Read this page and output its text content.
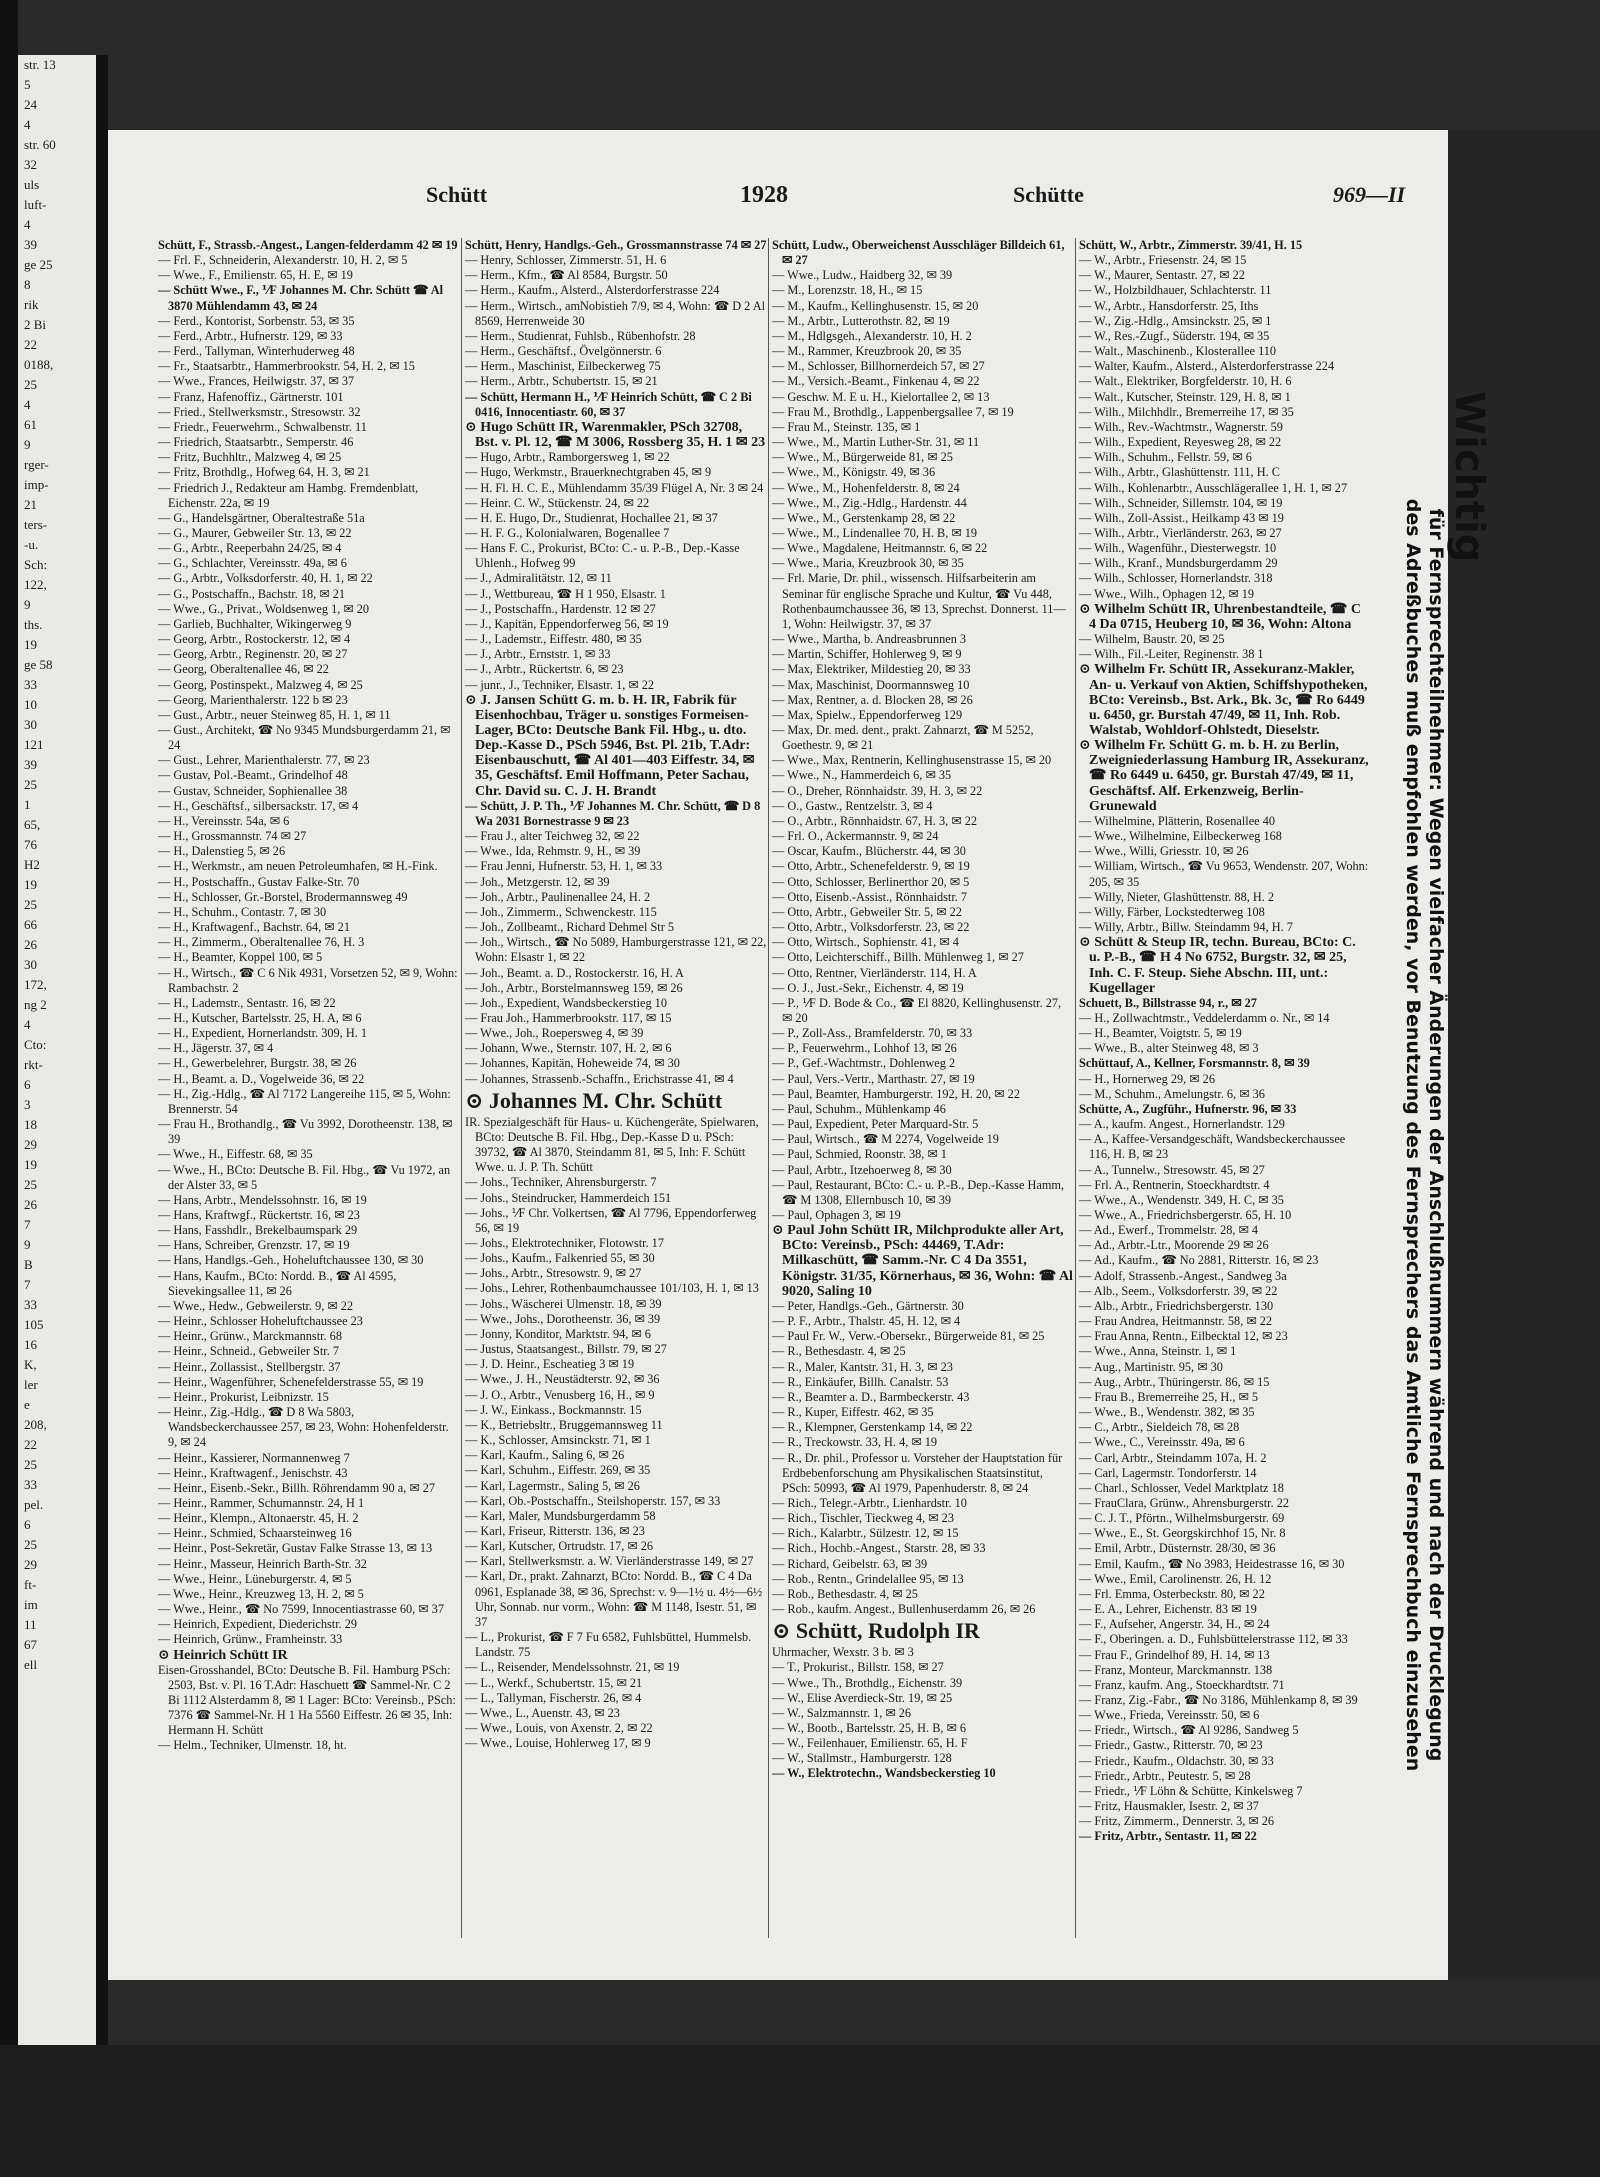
str. 13
5
24
4
str. 60
32
uls
luft-
4
39
ge 25
8
rik
2 Bi
22
0188,
25
4
61
9
rger-
imp-
21
ters-
-u.
Sch:
122,
9
ths.
19
ge 58
33
10
30
121
39
25
1
65,
76
H2
19
25
66
26
30
172,
ng 2
4
Cto:
rkt-
6
3
18
29
19
25
26
7
9
B
7
33
105
16
K,
ler
e
208,
22
25
33
pel.
6
25
29
ft-
im
11
67
ell
Schütt	1928	Schütte	969—II

Schütt, F., Strassb.-Angest., Langen-felderdamm 42 ✉ 19

— Frl. F., Schneiderin, Alexanderstr. 10, H. 2, ✉ 5

— Wwe., F., Emilienstr. 65, H. E, ✉ 19

— Schütt Wwe., F., ⅟F Johannes M. Chr. Schütt ☎ Al 3870 Mühlendamm 43, ✉ 24

— Ferd., Kontorist, Sorbenstr. 53, ✉ 35

— Ferd., Arbtr., Hufnerstr. 129, ✉ 33

— Ferd., Tallyman, Winterhuderweg 48

— Fr., Staatsarbtr., Hammerbrookstr. 54, H. 2, ✉ 15

— Wwe., Frances, Heilwigstr. 37, ✉ 37

— Franz, Hafenoffiz., Gärtnerstr. 101

— Fried., Stellwerksmstr., Stresowstr. 32

— Friedr., Feuerwehrm., Schwalbenstr. 11

— Friedrich, Staatsarbtr., Semperstr. 46

— Fritz, Buchhltr., Malzweg 4, ✉ 25

— Fritz, Brothdlg., Hofweg 64, H. 3, ✉ 21

— Friedrich J., Redakteur am Hambg. Fremdenblatt, Eichenstr. 22a, ✉ 19

— G., Handelsgärtner, Oberaltestraße 51a

— G., Maurer, Gebweiler Str. 13, ✉ 22

— G., Arbtr., Reeperbahn 24/25, ✉ 4

— G., Schlachter, Vereinsstr. 49a, ✉ 6

— G., Arbtr., Volksdorferstr. 40, H. 1, ✉ 22

— G., Postschaffn., Bachstr. 18, ✉ 21

— Wwe., G., Privat., Woldsenweg 1, ✉ 20

— Garlieb, Buchhalter, Wikingerweg 9

— Georg, Arbtr., Rostockerstr. 12, ✉ 4

— Georg, Arbtr., Reginenstr. 20, ✉ 27

— Georg, Oberaltenallee 46, ✉ 22

— Georg, Postinspekt., Malzweg 4, ✉ 25

— Georg, Marienthalerstr. 122 b ✉ 23

— Gust., Arbtr., neuer Steinweg 85, H. 1, ✉ 11

— Gust., Architekt, ☎ No 9345 Mundsburgerdamm 21, ✉ 24

— Gust., Lehrer, Marienthalerstr. 77, ✉ 23

— Gustav, Pol.-Beamt., Grindelhof 48

— Gustav, Schneider, Sophienallee 38

— H., Geschäftsf., silbersackstr. 17, ✉ 4

— H., Vereinsstr. 54a, ✉ 6

— H., Grossmannstr. 74 ✉ 27

— H., Dalenstieg 5, ✉ 26

— H., Werkmstr., am neuen Petroleumhafen, ✉ H.-Fink.

— H., Postschaffn., Gustav Falke-Str. 70

— H., Schlosser, Gr.-Borstel, Brodermannsweg 49

— H., Schuhm., Contastr. 7, ✉ 30

— H., Kraftwagenf., Bachstr. 64, ✉ 21

— H., Zimmerm., Oberaltenallee 76, H. 3

— H., Beamter, Koppel 100, ✉ 5

— H., Wirtsch., ☎ C 6 Nik 4931, Vorsetzen 52, ✉ 9, Wohn: Rambachstr. 2

— H., Lademstr., Sentastr. 16, ✉ 22

— H., Kutscher, Bartelsstr. 25, H. A, ✉ 6

— H., Expedient, Hornerlandstr. 309, H. 1

— H., Jägerstr. 37, ✉ 4

— H., Gewerbelehrer, Burgstr. 38, ✉ 26

— H., Beamt. a. D., Vogelweide 36, ✉ 22

— H., Zig.-Hdlg., ☎ Al 7172 Langereihe 115, ✉ 5, Wohn: Brennerstr. 54

— Frau H., Brothandlg., ☎ Vu 3992, Dorotheenstr. 138, ✉ 39

— Wwe., H., Eiffestr. 68, ✉ 35

— Wwe., H., BCto: Deutsche B. Fil. Hbg., ☎ Vu 1972, an der Alster 33, ✉ 5

— Hans, Arbtr., Mendelssohnstr. 16, ✉ 19

— Hans, Kraftwgf., Rückertstr. 16, ✉ 23

— Hans, Fasshdlr., Brekelbaumspark 29

— Hans, Schreiber, Grenzstr. 17, ✉ 19

— Hans, Handlgs.-Geh., Hoheluftchaussee 130, ✉ 30

— Hans, Kaufm., BCto: Nordd. B., ☎ Al 4595, Sievekingsallee 11, ✉ 26

— Wwe., Hedw., Gebweilerstr. 9, ✉ 22

— Heinr., Schlosser Hoheluftchaussee 23

— Heinr., Grünw., Marckmannstr. 68

— Heinr., Schneid., Gebweiler Str. 7

— Heinr., Zollassist., Stellbergstr. 37

— Heinr., Wagenführer, Schenefelderstrasse 55, ✉ 19

— Heinr., Prokurist, Leibnizstr. 15

— Heinr., Zig.-Hdlg., ☎ D 8 Wa 5803, Wandsbeckerchaussee 257, ✉ 23, Wohn: Hohenfelderstr. 9, ✉ 24

— Heinr., Kassierer, Normannenweg 7

— Heinr., Kraftwagenf., Jenischstr. 43

— Heinr., Eisenb.-Sekr., Billh. Röhrendamm 90 a, ✉ 27

— Heinr., Rammer, Schumannstr. 24, H 1

— Heinr., Klempn., Altonaerstr. 45, H. 2

— Heinr., Schmied, Schaarsteinweg 16

— Heinr., Post-Sekretär, Gustav Falke Strasse 13, ✉ 13

— Heinr., Masseur, Heinrich Barth-Str. 32

— Wwe., Heinr., Lüneburgerstr. 4, ✉ 5

— Wwe., Heinr., Kreuzweg 13, H. 2, ✉ 5

— Wwe., Heinr., ☎ No 7599, Innocentiastrasse 60, ✉ 37

— Heinrich, Expedient, Diederichstr. 29

— Heinrich, Grünw., Framheinstr. 33

⊙ Heinrich Schütt IR

Eisen-Grosshandel, BCto: Deutsche B. Fil. Hamburg PSch: 2503, Bst. v. Pl. 16 T.Adr: Haschuett ☎ Sammel-Nr. C 2 Bi 1112 Alsterdamm 8, ✉ 1 Lager: BCto: Vereinsb., PSch: 7376 ☎ Sammel-Nr. H 1 Ha 5560 Eiffestr. 26 ✉ 35, Inh: Hermann H. Schütt

— Helm., Techniker, Ulmenstr. 18, ht.

Schütt, Henry, Handlgs.-Geh., Grossmannstrasse 74 ✉ 27

— Henry, Schlosser, Zimmerstr. 51, H. 6

— Herm., Kfm., ☎ Al 8584, Burgstr. 50

— Herm., Kaufm., Alsterd., Alsterdorferstrasse 224

— Herm., Wirtsch., amNobistieh 7/9, ✉ 4, Wohn: ☎ D 2 Al 8569, Herrenweide 30

— Herm., Studienrat, Fuhlsb., Rübenhofstr. 28

— Herm., Geschäftsf., Övelgönnerstr. 6

— Herm., Maschinist, Eilbeckerweg 75

— Herm., Arbtr., Schubertstr. 15, ✉ 21

— Schütt, Hermann H., ⅟F Heinrich Schütt, ☎ C 2 Bi 0416, Innocentiastr. 60, ✉ 37

⊙ Hugo Schütt IR, Warenmakler, PSch 32708, Bst. v. Pl. 12, ☎ M 3006, Rossberg 35, H. 1 ✉ 23

— Hugo, Arbtr., Ramborgersweg 1, ✉ 22

— Hugo, Werkmstr., Brauerknechtgraben 45, ✉ 9

— H. Fl. H. C. E., Mühlendamm 35/39 Flügel A, Nr. 3 ✉ 24

— Heinr. C. W., Stückenstr. 24, ✉ 22

— H. E. Hugo, Dr., Studienrat, Hochallee 21, ✉ 37

— H. F. G., Kolonialwaren, Bogenallee 7

— Hans F. C., Prokurist, BCto: C.- u. P.-B., Dep.-Kasse Uhlenh., Hofweg 99

— J., Admiralitätstr. 12, ✉ 11

— J., Wettbureau, ☎ H 1 950, Elsastr. 1

— J., Postschaffn., Hardenstr. 12 ✉ 27

— J., Kapitän, Eppendorferweg 56, ✉ 19

— J., Lademstr., Eiffestr. 480, ✉ 35

— J., Arbtr., Ernststr. 1, ✉ 33

— J., Arbtr., Rückertstr. 6, ✉ 23

— junr., J., Techniker, Elsastr. 1, ✉ 22

⊙ J. Jansen Schütt G. m. b. H. IR, Fabrik für Eisenhochbau, Träger u. sonstiges Formeisen-Lager, BCto: Deutsche Bank Fil. Hbg., u. dto. Dep.-Kasse D., PSch 5946, Bst. Pl. 21b, T.Adr: Eisenbauschutt, ☎ Al 401—403 Eiffestr. 34, ✉ 35, Geschäftsf. Emil Hoffmann, Peter Sachau, Chr. David su. C. J. H. Brandt

— Schütt, J. P. Th., ⅟F Johannes M. Chr. Schütt, ☎ D 8 Wa 2031 Bornestrasse 9 ✉ 23

— Frau J., alter Teichweg 32, ✉ 22

— Wwe., Ida, Rehmstr. 9, H., ✉ 39

— Frau Jenni, Hufnerstr. 53, H. 1, ✉ 33

— Joh., Metzgerstr. 12, ✉ 39

— Joh., Arbtr., Paulinenallee 24, H. 2

— Joh., Zimmerm., Schwenckestr. 115

— Joh., Zollbeamt., Richard Dehmel Str 5

— Joh., Wirtsch., ☎ No 5089, Hamburgerstrasse 121, ✉ 22, Wohn: Elsastr 1, ✉ 22

— Joh., Beamt. a. D., Rostockerstr. 16, H. A

— Joh., Arbtr., Borstelmannsweg 159, ✉ 26

— Joh., Expedient, Wandsbeckerstieg 10

— Frau Joh., Hammerbrookstr. 117, ✉ 15

— Wwe., Joh., Roepersweg 4, ✉ 39

— Johann, Wwe., Sternstr. 107, H. 2, ✉ 6

— Johannes, Kapitän, Hoheweide 74, ✉ 30

— Johannes, Strassenb.-Schaffn., Erichstrasse 41, ✉ 4

⊙ Johannes M. Chr. Schütt

IR. Spezialgeschäft für Haus- u. Küchengeräte, Spielwaren, BCto: Deutsche B. Fil. Hbg., Dep.-Kasse D u. PSch: 39732, ☎ Al 3870, Steindamm 81, ✉ 5, Inh: F. Schütt Wwe. u. J. P. Th. Schütt

— Johs., Techniker, Ahrensburgerstr. 7

— Johs., Steindrucker, Hammerdeich 151

— Johs., ⅟F Chr. Volkertsen, ☎ Al 7796, Eppendorferweg 56, ✉ 19

— Johs., Elektrotechniker, Flotowstr. 17

— Johs., Kaufm., Falkenried 55, ✉ 30

— Johs., Arbtr., Stresowstr. 9, ✉ 27

— Johs., Lehrer, Rothenbaumchaussee 101/103, H. 1, ✉ 13

— Johs., Wäscherei Ulmenstr. 18, ✉ 39

— Wwe., Johs., Dorotheenstr. 36, ✉ 39

— Jonny, Konditor, Marktstr. 94, ✉ 6

— Justus, Staatsangest., Billstr. 79, ✉ 27

— J. D. Heinr., Escheatieg 3 ✉ 19

— Wwe., J. H., Neustädterstr. 92, ✉ 36

— J. O., Arbtr., Venusberg 16, H., ✉ 9

— J. W., Einkass., Bockmannstr. 15

— K., Betriebsltr., Bruggemannsweg 11

— K., Schlosser, Amsinckstr. 71, ✉ 1

— Karl, Kaufm., Saling 6, ✉ 26

— Karl, Schuhm., Eiffestr. 269, ✉ 35

— Karl, Lagermstr., Saling 5, ✉ 26

— Karl, Ob.-Postschaffn., Steilshoperstr. 157, ✉ 33

— Karl, Maler, Mundsburgerdamm 58

— Karl, Friseur, Ritterstr. 136, ✉ 23

— Karl, Kutscher, Ortrudstr. 17, ✉ 26

— Karl, Stellwerksmstr. a. W. Vierländerstrasse 149, ✉ 27

— Karl, Dr., prakt. Zahnarzt, BCto: Nordd. B., ☎ C 4 Da 0961, Esplanade 38, ✉ 36, Sprechst: v. 9—1½ u. 4½—6½ Uhr, Sonnab. nur vorm., Wohn: ☎ M 1148, Isestr. 51, ✉ 37

— L., Prokurist, ☎ F 7 Fu 6582, Fuhlsbüttel, Hummelsb. Landstr. 75

— L., Reisender, Mendelssohnstr. 21, ✉ 19

— L., Werkf., Schubertstr. 15, ✉ 21

— L., Tallyman, Fischerstr. 26, ✉ 4

— Wwe., L., Auenstr. 43, ✉ 23

— Wwe., Louis, von Axenstr. 2, ✉ 22

— Wwe., Louise, Hohlerweg 17, ✉ 9

Schütt, Ludw., Oberweichenst Ausschläger Billdeich 61, ✉ 27

— Wwe., Ludw., Haidberg 32, ✉ 39

— M., Lorenzstr. 18, H., ✉ 15

— M., Kaufm., Kellinghusenstr. 15, ✉ 20

— M., Arbtr., Lutterothstr. 82, ✉ 19

— M., Hdlgsgeh., Alexanderstr. 10, H. 2

— M., Rammer, Kreuzbrook 20, ✉ 35

— M., Schlosser, Billhornerdeich 57, ✉ 27

— M., Versich.-Beamt., Finkenau 4, ✉ 22

— Geschw. M. E u. H., Kielortallee 2, ✉ 13

— Frau M., Brothdlg., Lappenbergsallee 7, ✉ 19

— Frau M., Steinstr. 135, ✉ 1

— Wwe., M., Martin Luther-Str. 31, ✉ 11

— Wwe., M., Bürgerweide 81, ✉ 25

— Wwe., M., Königstr. 49, ✉ 36

— Wwe., M., Hohenfelderstr. 8, ✉ 24

— Wwe., M., Zig.-Hdlg., Hardenstr. 44

— Wwe., M., Gerstenkamp 28, ✉ 22

— Wwe., M., Lindenallee 70, H. B, ✉ 19

— Wwe., Magdalene, Heitmannstr. 6, ✉ 22

— Wwe., Maria, Kreuzbrook 30, ✉ 35

— Frl. Marie, Dr. phil., wissensch. Hilfsarbeiterin am Seminar für englische Sprache und Kultur, ☎ Vu 448, Rothenbaumchaussee 36, ✉ 13, Sprechst. Donnerst. 11—1, Wohn: Heilwigstr. 37, ✉ 37

— Wwe., Martha, b. Andreasbrunnen 3

— Martin, Schiffer, Hohlerweg 9, ✉ 9

— Max, Elektriker, Mildestieg 20, ✉ 33

— Max, Maschinist, Doormannsweg 10

— Max, Rentner, a. d. Blocken 28, ✉ 26

— Max, Spielw., Eppendorferweg 129

— Max, Dr. med. dent., prakt. Zahnarzt, ☎ M 5252, Goethestr. 9, ✉ 21

— Wwe., Max, Rentnerin, Kellinghusenstrasse 15, ✉ 20

— Wwe., N., Hammerdeich 6, ✉ 35

— O., Dreher, Rönnhaidstr. 39, H. 3, ✉ 22

— O., Gastw., Rentzelstr. 3, ✉ 4

— O., Arbtr., Rönnhaidstr. 67, H. 3, ✉ 22

— Frl. O., Ackermannstr. 9, ✉ 24

— Oscar, Kaufm., Blücherstr. 44, ✉ 30

— Otto, Arbtr., Schenefelderstr. 9, ✉ 19

— Otto, Schlosser, Berlinerthor 20, ✉ 5

— Otto, Eisenb.-Assist., Rönnhaidstr. 7

— Otto, Arbtr., Gebweiler Str. 5, ✉ 22

— Otto, Arbtr., Volksdorferstr. 23, ✉ 22

— Otto, Wirtsch., Sophienstr. 41, ✉ 4

— Otto, Leichterschiff., Billh. Mühlenweg 1, ✉ 27

— Otto, Rentner, Vierländerstr. 114, H. A

— O. J., Just.-Sekr., Eichenstr. 4, ✉ 19

— P., ⅟F D. Bode & Co., ☎ El 8820, Kellinghusenstr. 27, ✉ 20

— P., Zoll-Ass., Bramfelderstr. 70, ✉ 33

— P., Feuerwehrm., Lohhof 13, ✉ 26

— P., Gef.-Wachtmstr., Dohlenweg 2

— Paul, Vers.-Vertr., Marthastr. 27, ✉ 19

— Paul, Beamter, Hamburgerstr. 192, H. 20, ✉ 22

— Paul, Schuhm., Mühlenkamp 46

— Paul, Expedient, Peter Marquard-Str. 5

— Paul, Wirtsch., ☎ M 2274, Vogelweide 19

— Paul, Schmied, Roonstr. 38, ✉ 1

— Paul, Arbtr., Itzehoerweg 8, ✉ 30

— Paul, Restaurant, BCto: C.- u. P.-B., Dep.-Kasse Hamm, ☎ M 1308, Ellernbusch 10, ✉ 39

— Paul, Ophagen 3, ✉ 19

⊙ Paul John Schütt IR, Milchprodukte aller Art, BCto: Vereinsb., PSch: 44469, T.Adr: Milkaschütt, ☎ Samm.-Nr. C 4 Da 3551, Königstr. 31/35, Körnerhaus, ✉ 36, Wohn: ☎ Al 9020, Saling 10

— Peter, Handlgs.-Geh., Gärtnerstr. 30

— P. F., Arbtr., Thalstr. 45, H. 12, ✉ 4

— Paul Fr. W., Verw.-Obersekr., Bürgerweide 81, ✉ 25

— R., Bethesdastr. 4, ✉ 25

— R., Maler, Kantstr. 31, H. 3, ✉ 23

— R., Einkäufer, Billh. Canalstr. 53

— R., Beamter a. D., Barmbeckerstr. 43

— R., Kuper, Eiffestr. 462, ✉ 35

— R., Klempner, Gerstenkamp 14, ✉ 22

— R., Treckowstr. 33, H. 4, ✉ 19

— R., Dr. phil., Professor u. Vorsteher der Hauptstation für Erdbebenforschung am Physikalischen Staatsinstitut, PSch: 50993, ☎ Al 1979, Papenhuderstr. 8, ✉ 24

— Rich., Telegr.-Arbtr., Lienhardstr. 10

— Rich., Tischler, Tieckweg 4, ✉ 23

— Rich., Kalarbtr., Sülzestr. 12, ✉ 15

— Rich., Hochb.-Angest., Starstr. 28, ✉ 33

— Richard, Geibelstr. 63, ✉ 39

— Rob., Rentn., Grindelallee 95, ✉ 13

— Rob., Bethesdastr. 4, ✉ 25

— Rob., kaufm. Angest., Bullenhuserdamm 26, ✉ 26

⊙ Schütt, Rudolph IR

Uhrmacher, Wexstr. 3 b. ✉ 3

— T., Prokurist., Billstr. 158, ✉ 27

— Wwe., Th., Brothdlg., Eichenstr. 39

— W., Elise Averdieck-Str. 19, ✉ 25

— W., Salzmannstr. 1, ✉ 26

— W., Bootb., Bartelsstr. 25, H. B, ✉ 6

— W., Feilenhauer, Emilienstr. 65, H. F

— W., Stallmstr., Hamburgerstr. 128

— W., Elektrotechn., Wandsbeckerstieg 10

Schütt, W., Arbtr., Zimmerstr. 39/41, H. 15

— W., Arbtr., Friesenstr. 24, ✉ 15

— W., Maurer, Sentastr. 27, ✉ 22

— W., Holzbildhauer, Schlachterstr. 11

— W., Arbtr., Hansdorferstr. 25, Iths

— W., Zig.-Hdlg., Amsinckstr. 25, ✉ 1

— W., Res.-Zugf., Süderstr. 194, ✉ 35

— Walt., Maschinenb., Klosterallee 110

— Walter, Kaufm., Alsterd., Alsterdorferstrasse 224

— Walt., Elektriker, Borgfelderstr. 10, H. 6

— Walt., Kutscher, Steinstr. 129, H. 8, ✉ 1

— Wilh., Milchhdlr., Bremerreihe 17, ✉ 35

— Wilh., Rev.-Wachtmstr., Wagnerstr. 59

— Wilh., Expedient, Reyesweg 28, ✉ 22

— Wilh., Schuhm., Fellstr. 59, ✉ 6

— Wilh., Arbtr., Glashüttenstr. 111, H. C

— Wilh., Kohlenarbtr., Ausschlägerallee 1, H. 1, ✉ 27

— Wilh., Schneider, Sillemstr. 104, ✉ 19

— Wilh., Zoll-Assist., Heilkamp 43 ✉ 19

— Wilh., Arbtr., Vierländerstr. 263, ✉ 27

— Wilh., Wagenführ., Diesterwegstr. 10

— Wilh., Kranf., Mundsburgerdamm 29

— Wilh., Schlosser, Hornerlandstr. 318

— Wwe., Wilh., Ophagen 12, ✉ 19

⊙ Wilhelm Schütt IR, Uhrenbestandteile, ☎ C 4 Da 0715, Heuberg 10, ✉ 36, Wohn: Altona

— Wilhelm, Baustr. 20, ✉ 25

— Wilh., Fil.-Leiter, Reginenstr. 38 1

⊙ Wilhelm Fr. Schütt IR, Assekuranz-Makler, An- u. Verkauf von Aktien, Schiffshypotheken, BCto: Vereinsb., Bst. Ark., Bk. 3c, ☎ Ro 6449 u. 6450, gr. Burstah 47/49, ✉ 11, Inh. Rob. Walstab, Wohldorf-Ohlstedt, Dieselstr.

⊙ Wilhelm Fr. Schütt G. m. b. H. zu Berlin, Zweigniederlassung Hamburg IR, Assekuranz, ☎ Ro 6449 u. 6450, gr. Burstah 47/49, ✉ 11, Geschäftsf. Alf. Erkenzweig, Berlin-Grunewald

— Wilhelmine, Plätterin, Rosenallee 40

— Wwe., Wilhelmine, Eilbeckerweg 168

— Wwe., Willi, Griesstr. 10, ✉ 26

— William, Wirtsch., ☎ Vu 9653, Wendenstr. 207, Wohn: 205, ✉ 35

— Willy, Nieter, Glashüttenstr. 88, H. 2

— Willy, Färber, Lockstedterweg 108

— Willy, Arbtr., Billw. Steindamm 94, H. 7

⊙ Schütt & Steup IR, techn. Bureau, BCto: C. u. P.-B., ☎ H 4 No 6752, Burgstr. 32, ✉ 25, Inh. C. F. Steup. Siehe Abschn. III, unt.: Kugellager

Schuett, B., Billstrasse 94, r., ✉ 27

— H., Zollwachtmstr., Veddelerdamm o. Nr., ✉ 14

— H., Beamter, Voigtstr. 5, ✉ 19

— Wwe., B., alter Steinweg 48, ✉ 3

Schüttauf, A., Kellner, Forsmannstr. 8, ✉ 39

— H., Hornerweg 29, ✉ 26

— M., Schuhm., Amelungstr. 6, ✉ 36

Schütte, A., Zugführ., Hufnerstr. 96, ✉ 33

— A., kaufm. Angest., Hornerlandstr. 129

— A., Kaffee-Versandgeschäft, Wandsbeckerchaussee 116, H. B, ✉ 23

— A., Tunnelw., Stresowstr. 45, ✉ 27

— Frl. A., Rentnerin, Stoeckhardtstr. 4

— Wwe., A., Wendenstr. 349, H. C, ✉ 35

— Wwe., A., Friedrichsbergerstr. 65, H. 10

— Ad., Ewerf., Trommelstr. 28, ✉ 4

— Ad., Arbtr.-Ltr., Moorende 29 ✉ 26

— Ad., Kaufm., ☎ No 2881, Ritterstr. 16, ✉ 23

— Adolf, Strassenb.-Angest., Sandweg 3a

— Alb., Seem., Volksdorferstr. 39, ✉ 22

— Alb., Arbtr., Friedrichsbergerstr. 130

— Frau Andrea, Heitmannstr. 58, ✉ 22

— Frau Anna, Rentn., Eilbecktal 12, ✉ 23

— Wwe., Anna, Steinstr. 1, ✉ 1

— Aug., Martinistr. 95, ✉ 30

— Aug., Arbtr., Thüringerstr. 86, ✉ 15

— Frau B., Bremerreihe 25, H., ✉ 5

— Wwe., B., Wendenstr. 382, ✉ 35

— C., Arbtr., Sieldeich 78, ✉ 28

— Wwe., C., Vereinsstr. 49a, ✉ 6

— Carl, Arbtr., Steindamm 107a, H. 2

— Carl, Lagermstr. Tondorferstr. 14

— Charl., Schlosser, Vedel Marktplatz 18

— FrauClara, Grünw., Ahrensburgerstr. 22

— C. J. T., Pförtn., Wilhelmsburgerstr. 69

— Wwe., E., St. Georgskirchhof 15, Nr. 8

— Emil, Arbtr., Düsternstr. 28/30, ✉ 36

— Emil, Kaufm., ☎ No 3983, Heidestrasse 16, ✉ 30

— Wwe., Emil, Carolinenstr. 26, H. 12

— Frl. Emma, Osterbeckstr. 80, ✉ 22

— E. A., Lehrer, Eichenstr. 83 ✉ 19

— F., Aufseher, Angerstr. 34, H., ✉ 24

— F., Oberingen. a. D., Fuhlsbüttelerstrasse 112, ✉ 33

— Frau F., Grindelhof 89, H. 14, ✉ 13

— Franz, Monteur, Marckmannstr. 138

— Franz, kaufm. Ang., Stoeckhardtstr. 71

— Franz, Zig.-Fabr., ☎ No 3186, Mühlenkamp 8, ✉ 39

— Wwe., Frieda, Vereinsstr. 50, ✉ 6

— Friedr., Wirtsch., ☎ Al 9286, Sandweg 5

— Friedr., Gastw., Ritterstr. 70, ✉ 23

— Friedr., Kaufm., Oldachstr. 30, ✉ 33

— Friedr., Arbtr., Peutestr. 5, ✉ 28

— Friedr., ⅟F Löhn & Schütte, Kinkelsweg 7

— Fritz, Hausmakler, Isestr. 2, ✉ 37

— Fritz, Zimmerm., Dennerstr. 3, ✉ 26

— Fritz, Arbtr., Sentastr. 11, ✉ 22

Wichtig
für Fernsprechteilnehmer: Wegen vielfacher Änderungen der Anschlußnummern während und nach der Drucklegung
des Adreßbuches muß empfohlen werden, vor Benutzung des Fernsprechers das Amtliche Fernsprechbuch einzusehen
